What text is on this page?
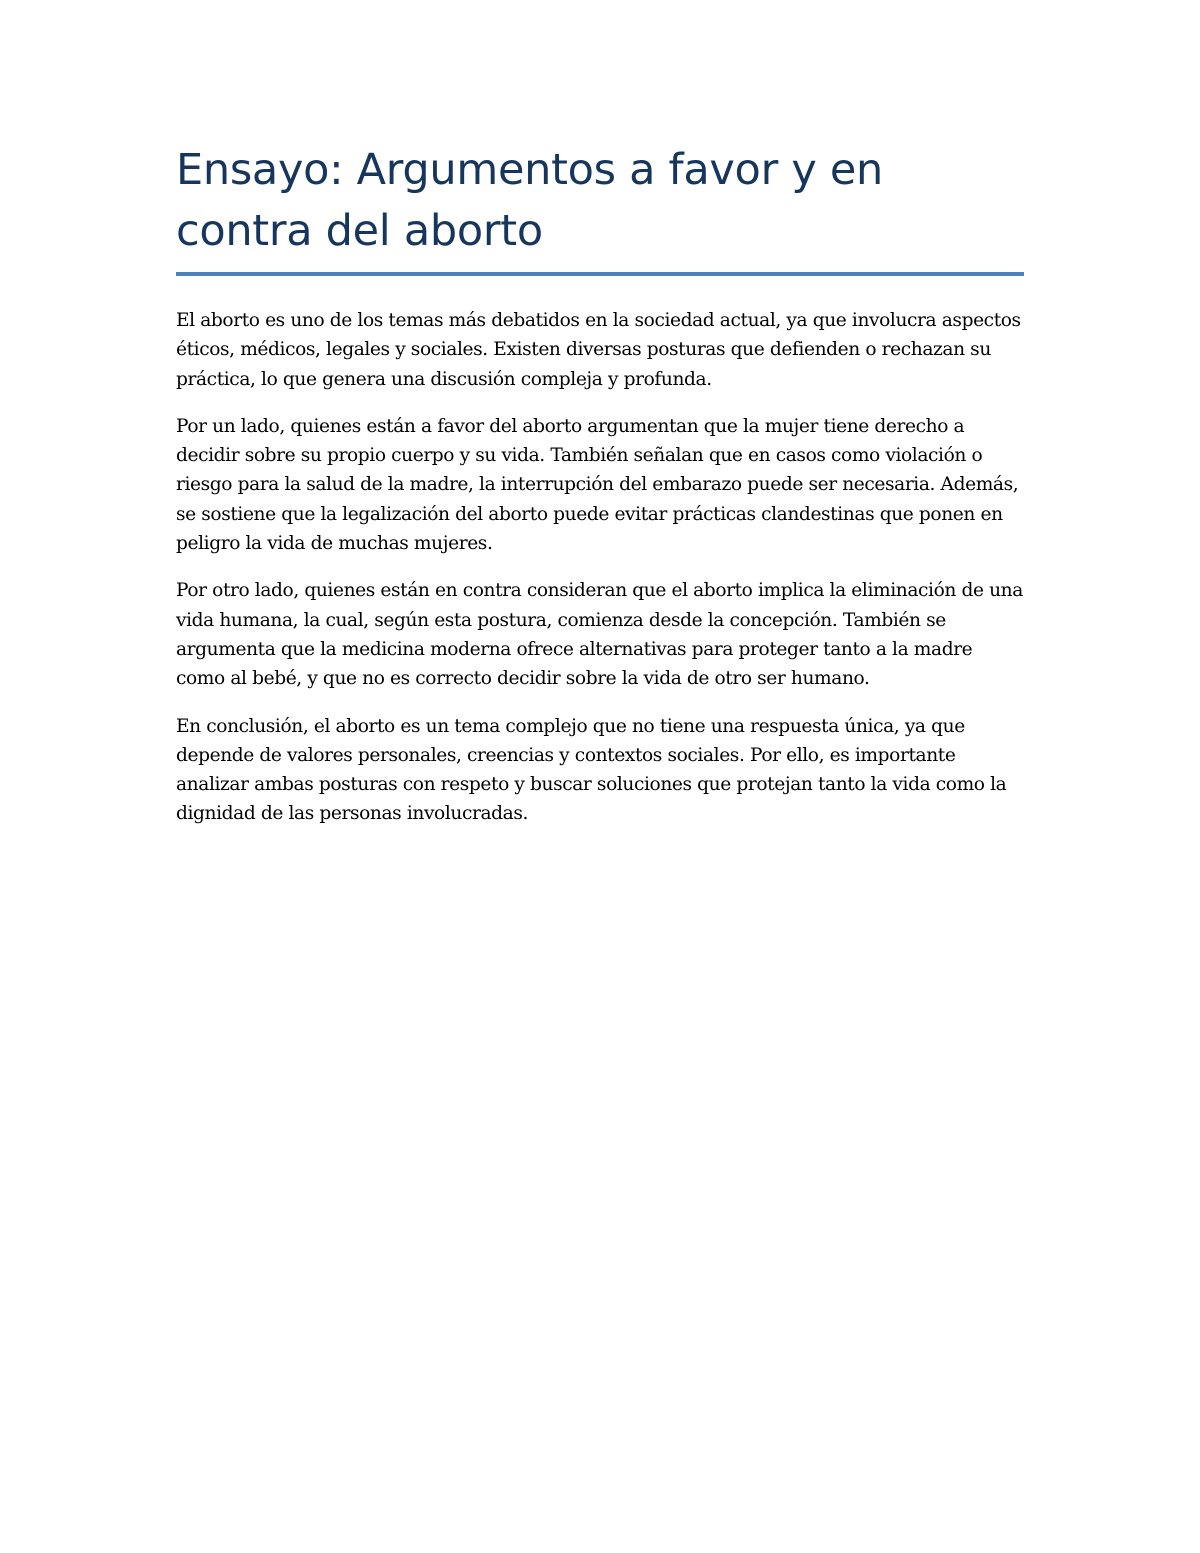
Ensayo: Argumentos a favor y en contra del aborto

El aborto es uno de los temas más debatidos en la sociedad actual, ya que involucra aspectos éticos, médicos, legales y sociales. Existen diversas posturas que defienden o rechazan su práctica, lo que genera una discusión compleja y profunda.

Por un lado, quienes están a favor del aborto argumentan que la mujer tiene derecho a decidir sobre su propio cuerpo y su vida. También señalan que en casos como violación o riesgo para la salud de la madre, la interrupción del embarazo puede ser necesaria. Además, se sostiene que la legalización del aborto puede evitar prácticas clandestinas que ponen en peligro la vida de muchas mujeres.

Por otro lado, quienes están en contra consideran que el aborto implica la eliminación de una vida humana, la cual, según esta postura, comienza desde la concepción. También se argumenta que la medicina moderna ofrece alternativas para proteger tanto a la madre como al bebé, y que no es correcto decidir sobre la vida de otro ser humano.

En conclusión, el aborto es un tema complejo que no tiene una respuesta única, ya que depende de valores personales, creencias y contextos sociales. Por ello, es importante analizar ambas posturas con respeto y buscar soluciones que protejan tanto la vida como la dignidad de las personas involucradas.
